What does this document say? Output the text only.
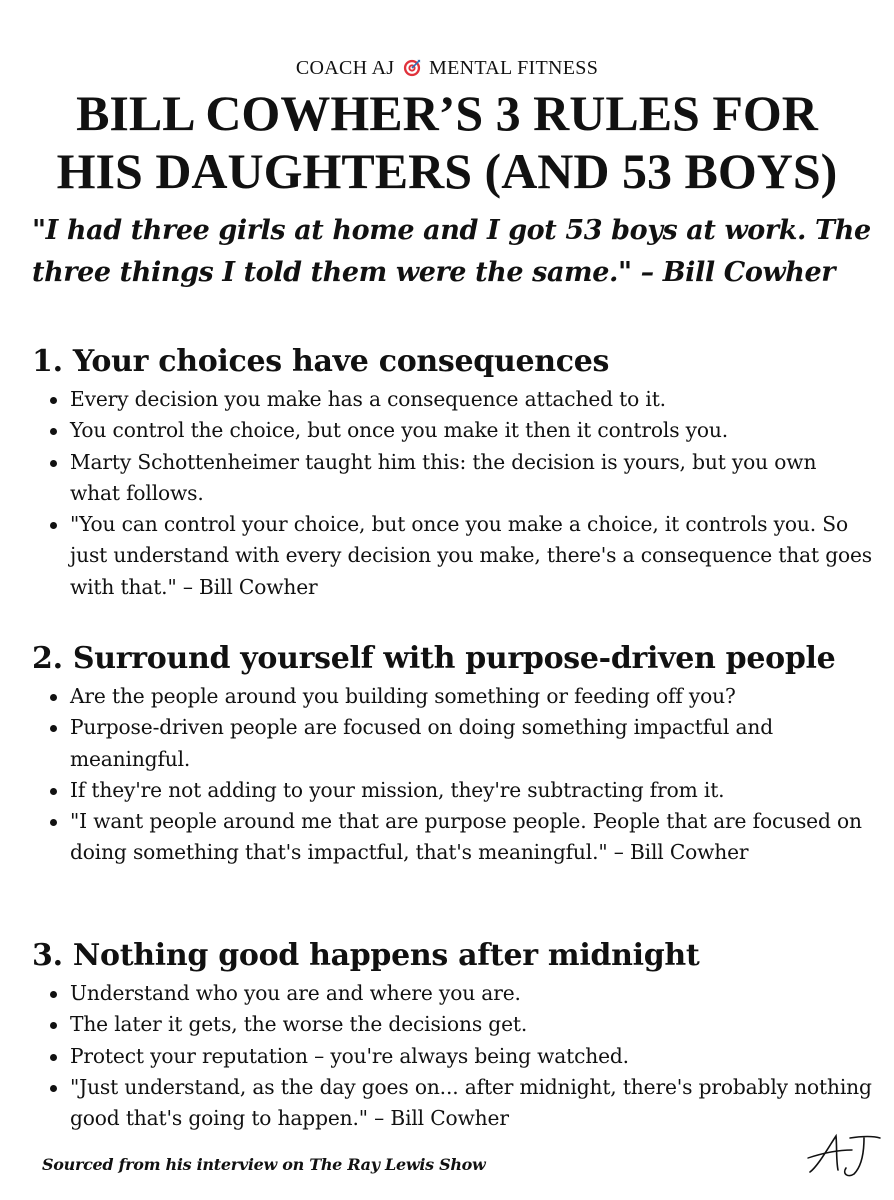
COACH AJ MENTAL FITNESS
BILL COWHER’S 3 RULES FOR
HIS DAUGHTERS (AND 53 BOYS)

"I had three girls at home and I got 53 boys at work. The three things I told them were the same." – Bill Cowher

1. Your choices have consequences
Every decision you make has a consequence attached to it.
You control the choice, but once you make it then it controls you.
Marty Schottenheimer taught him this: the decision is yours, but you own what follows.
"You can control your choice, but once you make a choice, it controls you. So just understand with every decision you make, there's a consequence that goes with that." – Bill Cowher
2. Surround yourself with purpose-driven people
Are the people around you building something or feeding off you?
Purpose-driven people are focused on doing something impactful and meaningful.
If they're not adding to your mission, they're subtracting from it.
"I want people around me that are purpose people. People that are focused on doing something that's impactful, that's meaningful." – Bill Cowher
3. Nothing good happens after midnight
Understand who you are and where you are.
The later it gets, the worse the decisions get.
Protect your reputation – you're always being watched.
"Just understand, as the day goes on... after midnight, there's probably nothing good that's going to happen." – Bill Cowher
Sourced from his interview on The Ray Lewis Show
